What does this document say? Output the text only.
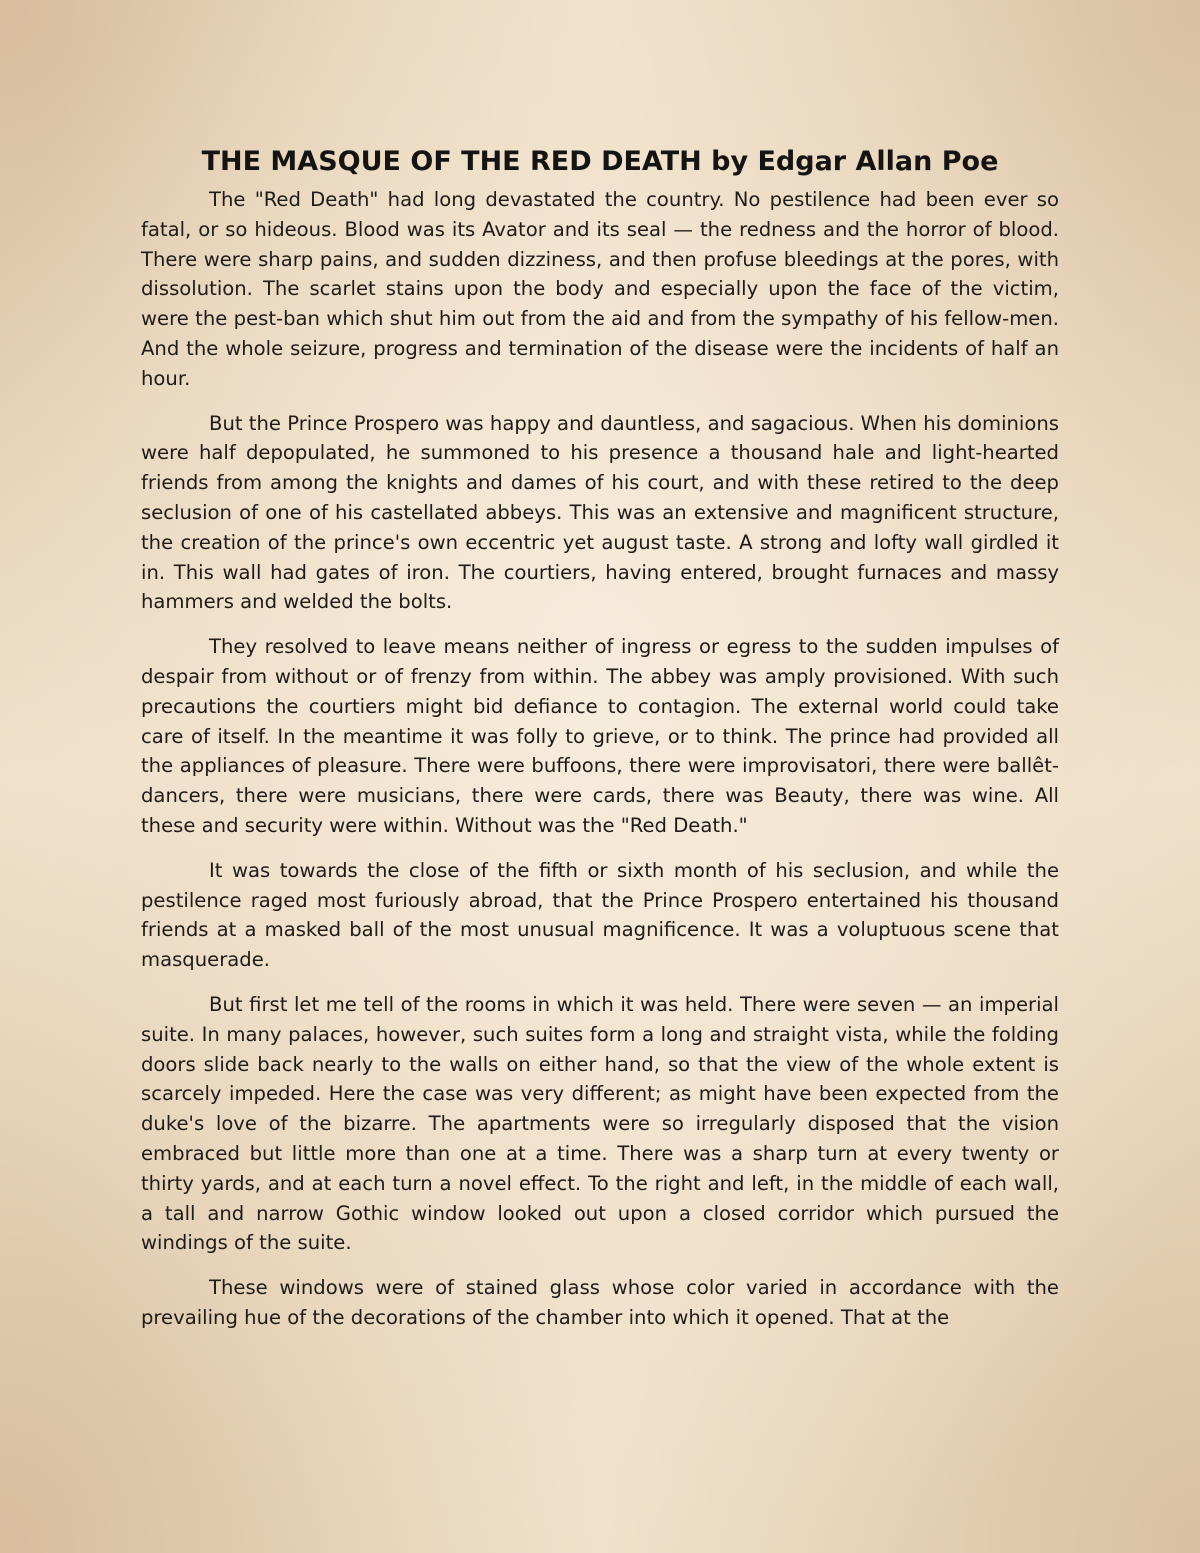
THE MASQUE OF THE RED DEATH by Edgar Allan Poe

The "Red Death" had long devastated the country. No pestilence had been ever so fatal, or so hideous. Blood was its Avator and its seal — the redness and the horror of blood. There were sharp pains, and sudden dizziness, and then profuse bleedings at the pores, with dissolution. The scarlet stains upon the body and especially upon the face of the victim, were the pest-ban which shut him out from the aid and from the sympathy of his fellow-men. And the whole seizure, progress and termination of the disease were the incidents of half an hour.

But the Prince Prospero was happy and dauntless, and sagacious. When his dominions were half depopulated, he summoned to his presence a thousand hale and light-hearted friends from among the knights and dames of his court, and with these retired to the deep seclusion of one of his castellated abbeys. This was an extensive and magnificent structure, the creation of the prince's own eccentric yet august taste. A strong and lofty wall girdled it in. This wall had gates of iron. The courtiers, having entered, brought furnaces and massy hammers and welded the bolts.

They resolved to leave means neither of ingress or egress to the sudden impulses of despair from without or of frenzy from within. The abbey was amply provisioned. With such precautions the courtiers might bid defiance to contagion. The external world could take care of itself. In the meantime it was folly to grieve, or to think. The prince had provided all the appliances of pleasure. There were buffoons, there were improvisatori, there were ballêt-dancers, there were musicians, there were cards, there was Beauty, there was wine. All these and security were within. Without was the "Red Death."

It was towards the close of the fifth or sixth month of his seclusion, and while the pestilence raged most furiously abroad, that the Prince Prospero entertained his thousand friends at a masked ball of the most unusual magnificence. It was a voluptuous scene that masquerade.

But first let me tell of the rooms in which it was held. There were seven — an imperial suite. In many palaces, however, such suites form a long and straight vista, while the folding doors slide back nearly to the walls on either hand, so that the view of the whole extent is scarcely impeded. Here the case was very different; as might have been expected from the duke's love of the bizarre. The apartments were so irregularly disposed that the vision embraced but little more than one at a time. There was a sharp turn at every twenty or thirty yards, and at each turn a novel effect. To the right and left, in the middle of each wall, a tall and narrow Gothic window looked out upon a closed corridor which pursued the windings of the suite.

These windows were of stained glass whose color varied in accordance with the prevailing hue of the decorations of the chamber into which it opened. That at the
